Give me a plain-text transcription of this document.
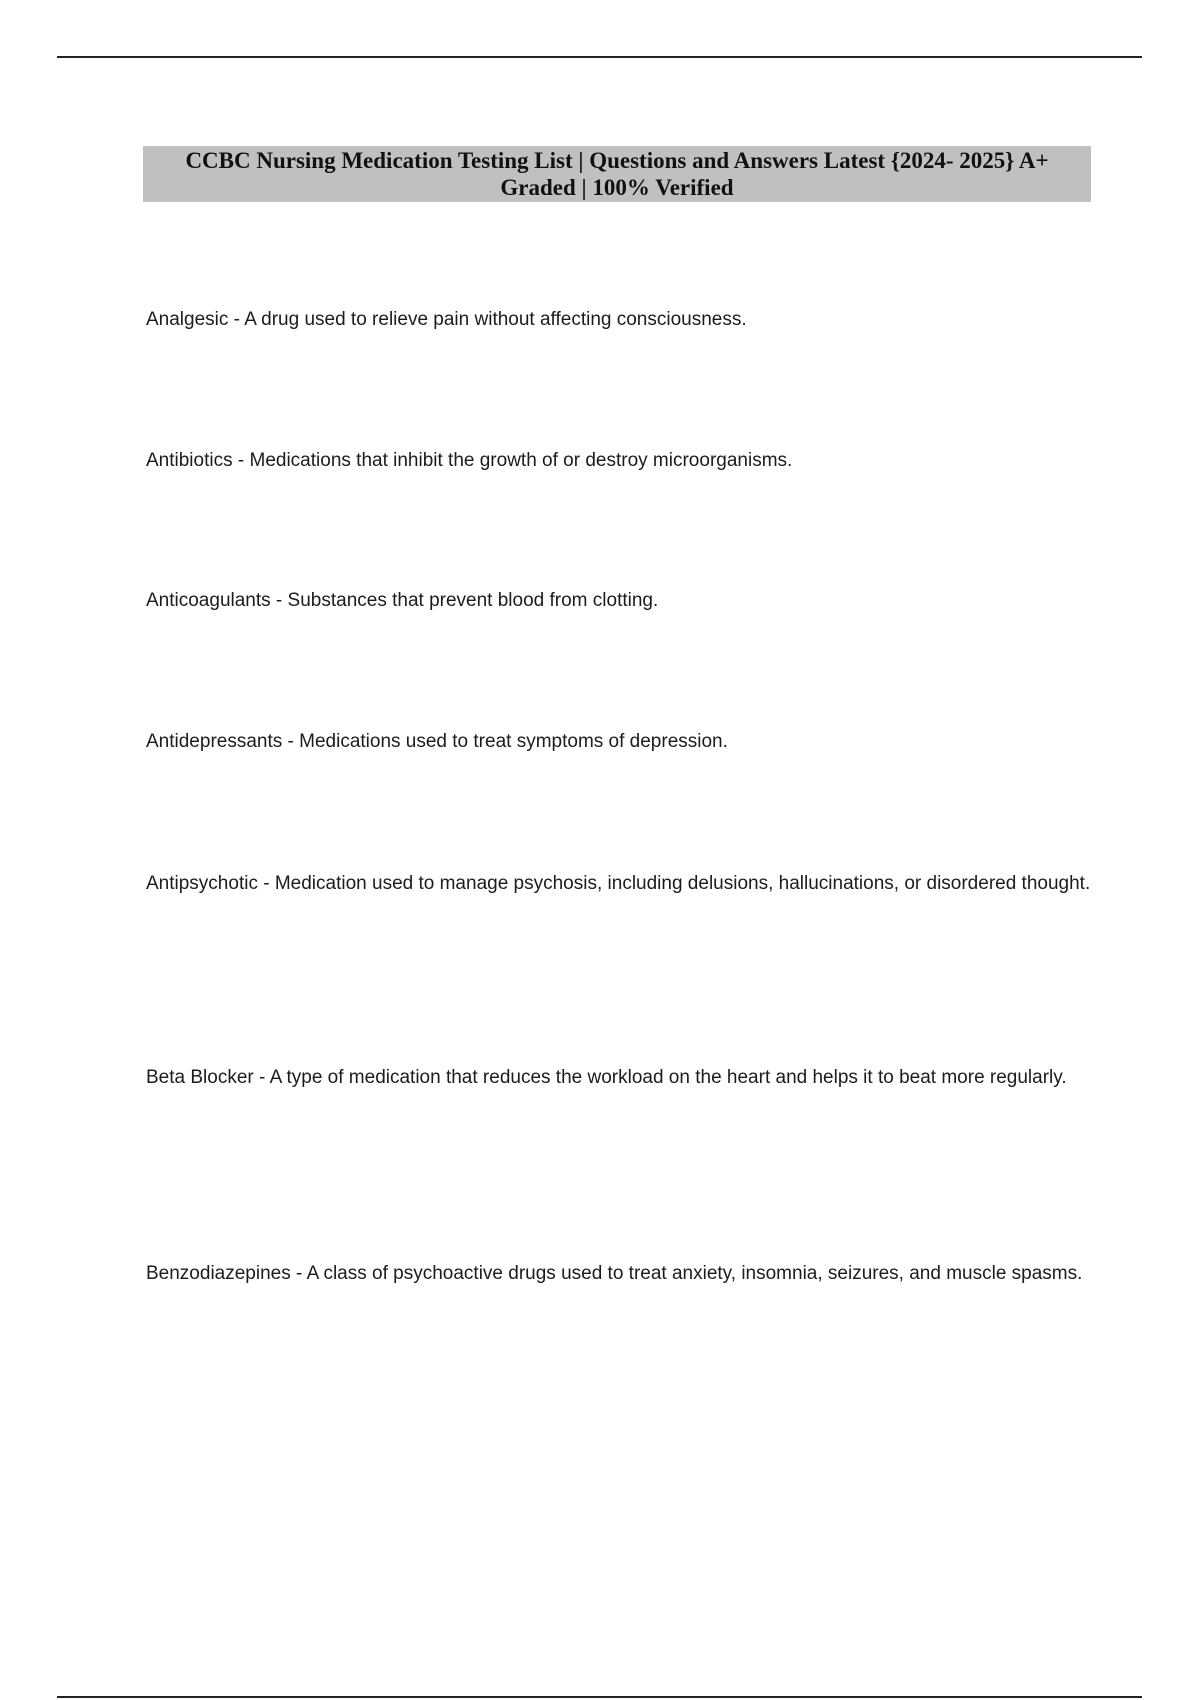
CCBC Nursing Medication Testing List | Questions and Answers Latest {2024- 2025} A+ Graded | 100% Verified
Analgesic - A drug used to relieve pain without affecting consciousness.
Antibiotics - Medications that inhibit the growth of or destroy microorganisms.
Anticoagulants - Substances that prevent blood from clotting.
Antidepressants - Medications used to treat symptoms of depression.
Antipsychotic - Medication used to manage psychosis, including delusions, hallucinations, or disordered thought.
Beta Blocker - A type of medication that reduces the workload on the heart and helps it to beat more regularly.
Benzodiazepines - A class of psychoactive drugs used to treat anxiety, insomnia, seizures, and muscle spasms.
